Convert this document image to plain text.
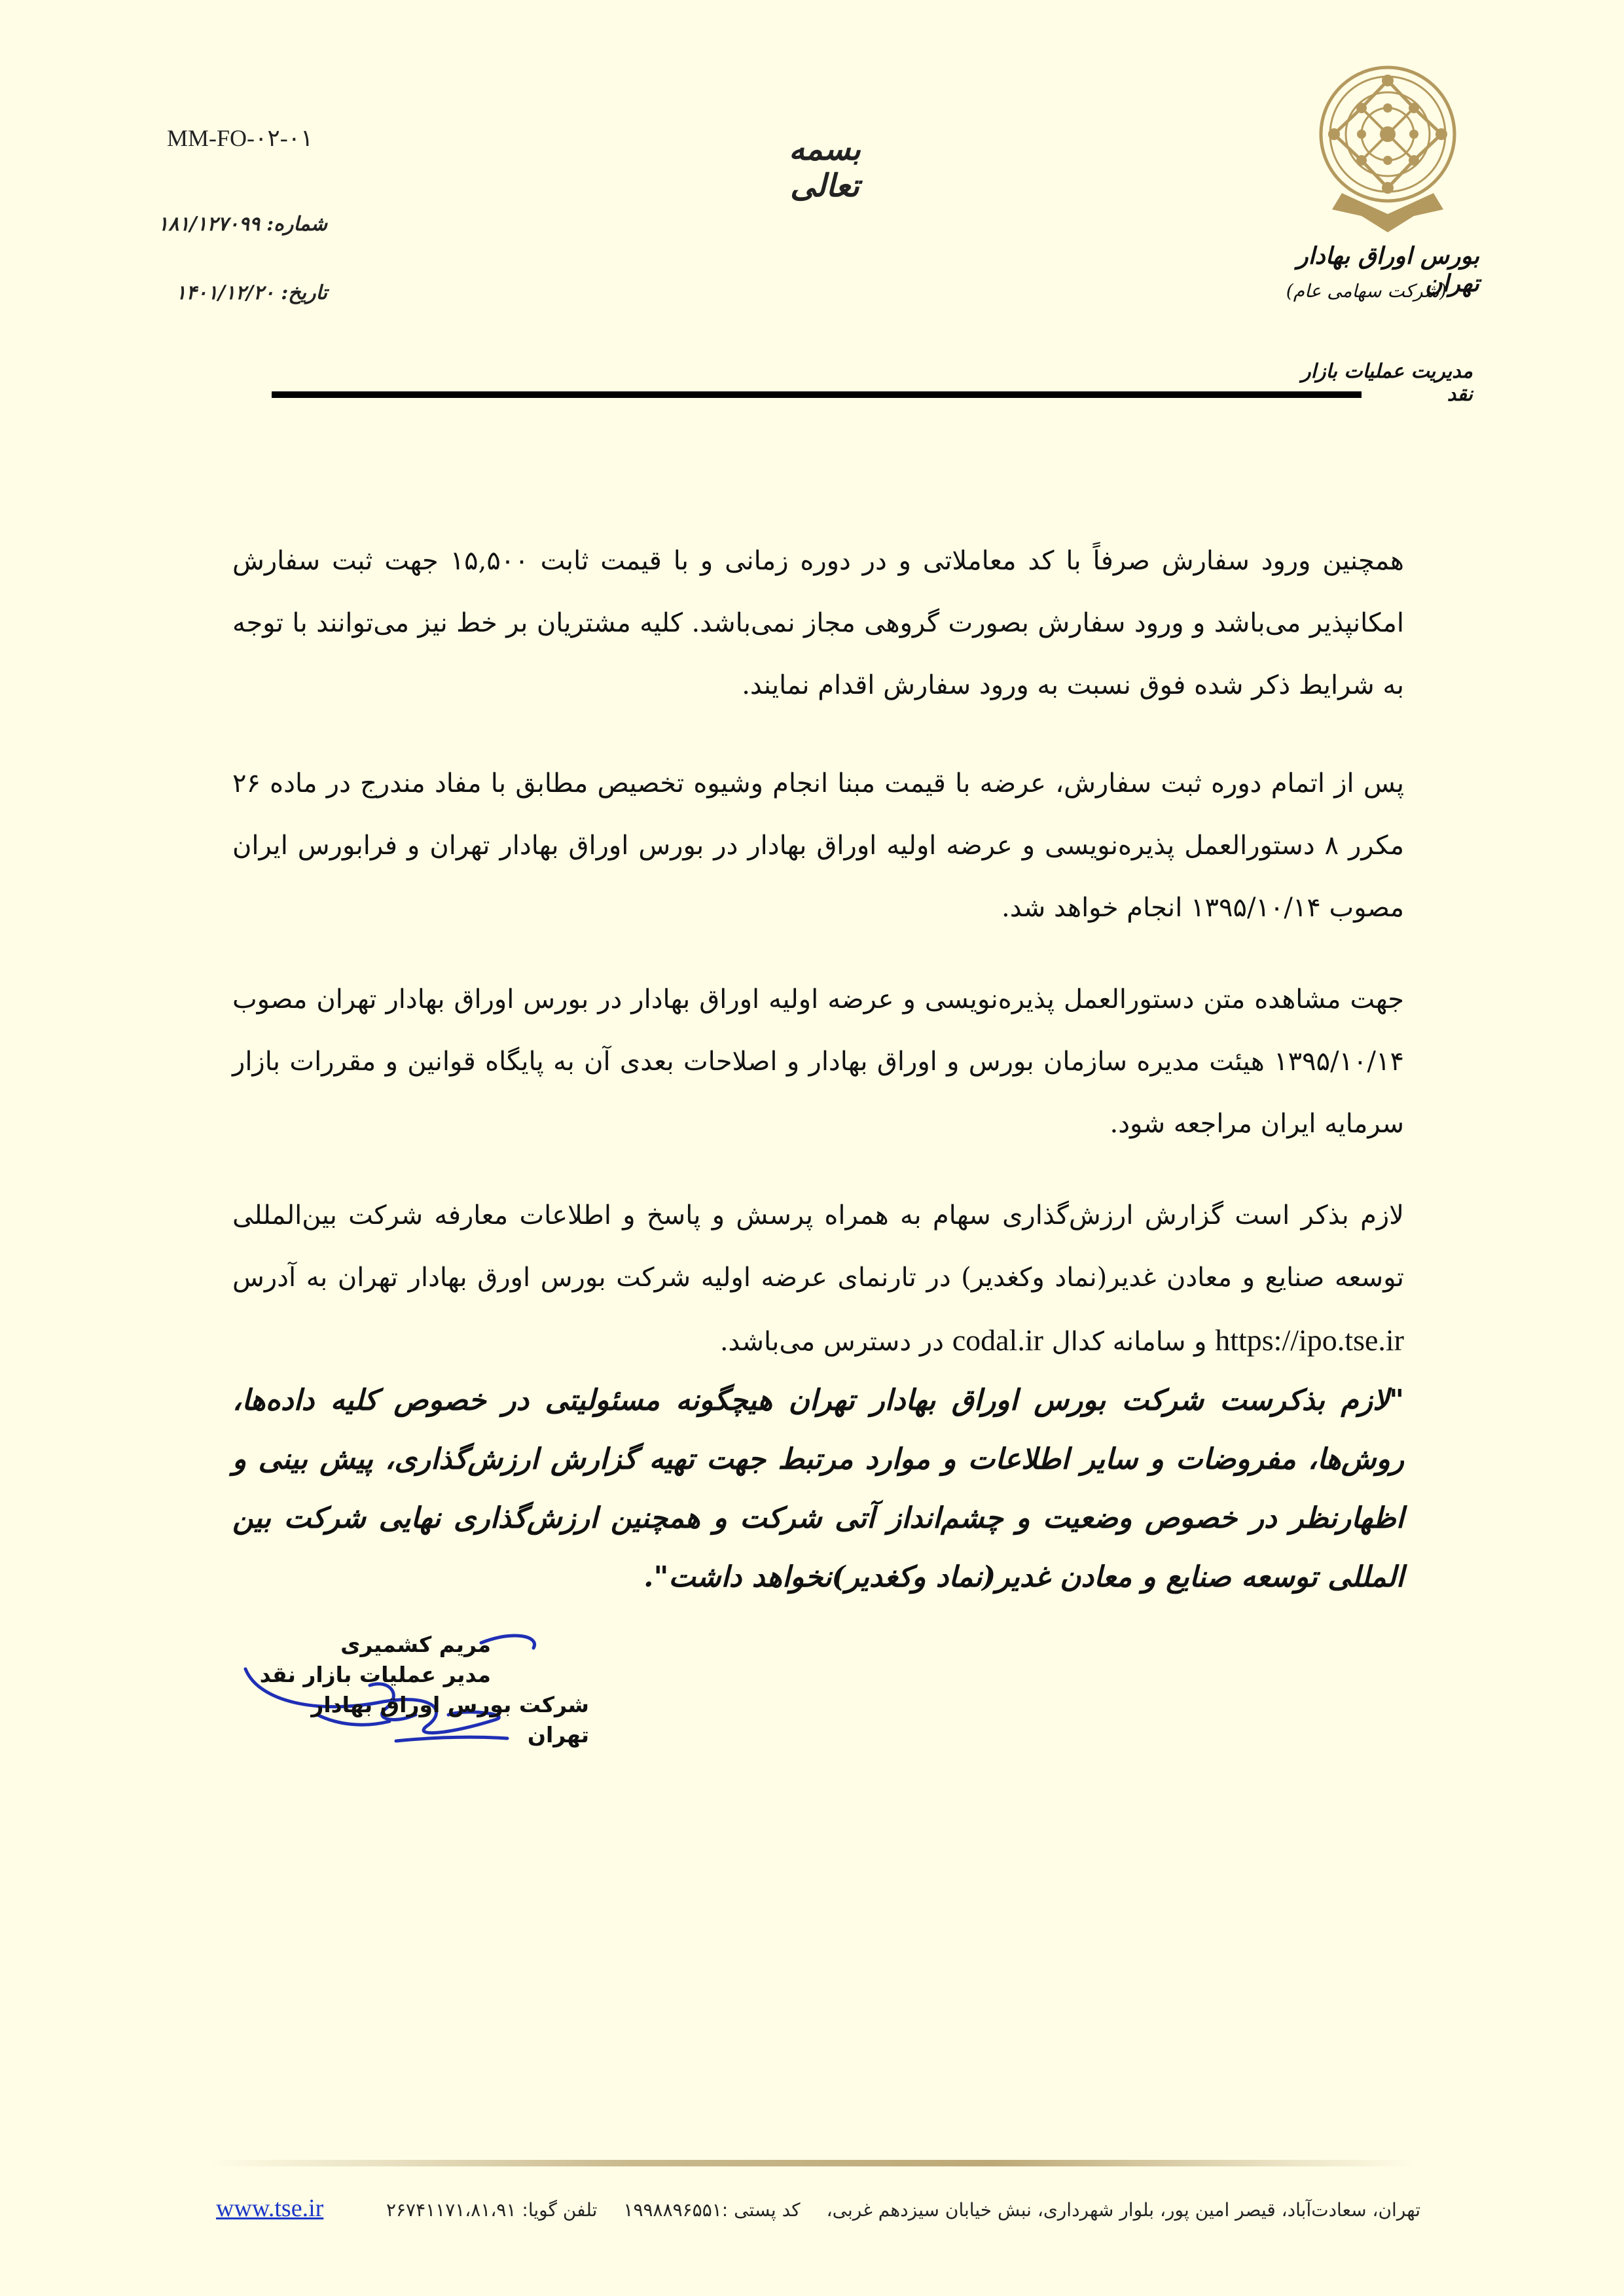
MM-FO-۰۲-۰۱	بسمه تعالی
شماره:۱۸۱/۱۲۷۰۹۹
تاریخ:۱۴۰۱/۱۲/۲۰
بورس اوراق بهادار تهران
(شرکت سهامی عام)
مدیریت عملیات بازار نقد

همچنین ورود سفارش صرفاً با کد معاملاتی و در دوره زمانی و با قیمت ثابت ۱۵,۵۰۰ جهت ثبت سفارش امکانپذیر می‌باشد و ورود سفارش بصورت گروهی مجاز نمی‌باشد. کلیه مشتریان بر خط نیز می‌توانند با توجه به شرایط ذکر شده فوق نسبت به ورود سفارش اقدام نمایند.

پس از اتمام دوره ثبت سفارش، عرضه با قیمت مبنا انجام وشیوه تخصیص مطابق با مفاد مندرج در ماده ۲۶ مکرر ۸ دستورالعمل پذیره‌نویسی و عرضه اولیه اوراق بهادار در بورس اوراق بهادار تهران و فرابورس ایران مصوب ۱۳۹۵/۱۰/۱۴ انجام خواهد شد.

جهت مشاهده متن دستورالعمل پذیره‌نویسی و عرضه اولیه اوراق بهادار در بورس اوراق بهادار تهران مصوب ۱۳۹۵/۱۰/۱۴ هیئت مدیره سازمان بورس و اوراق بهادار و اصلاحات بعدی آن به پایگاه قوانین و مقررات بازار سرمایه ایران مراجعه شود.

لازم بذکر است گزارش ارزش‌گذاری سهام به همراه پرسش و پاسخ و اطلاعات معارفه شرکت بین‌المللی توسعه صنایع و معادن غدیر(نماد وکغدیر) در تارنمای عرضه اولیه شرکت بورس اورق بهادار تهران به آدرس https://ipo.tse.ir و سامانه کدال codal.ir در دسترس می‌باشد.

"لازم بذکرست شرکت بورس اوراق بهادار تهران هیچگونه مسئولیتی در خصوص کلیه داده‌ها، روش‌ها، مفروضات و سایر اطلاعات و موارد مرتبط جهت تهیه گزارش ارزش‌گذاری، پیش بینی و اظهارنظر در خصوص وضعیت و چشم‌انداز آتی شرکت و همچنین ارزش‌گذاری نهایی شرکت بین المللی توسعه صنایع و معادن غدیر(نماد وکغدیر)نخواهد داشت".
مریم کشمیری
مدیر عملیات بازار نقد
شرکت بورس اوراق بهادار تهران
تهران، سعادت‌آباد، قیصر امین پور، بلوار شهرداری، نبش خیابان سیزدهم غربی،کد پستی :۱۹۹۸۸۹۶۵۵۱تلفن گویا: ۲۶۷۴۱۱۷۱،۸۱،۹۱
www.tse.ir
